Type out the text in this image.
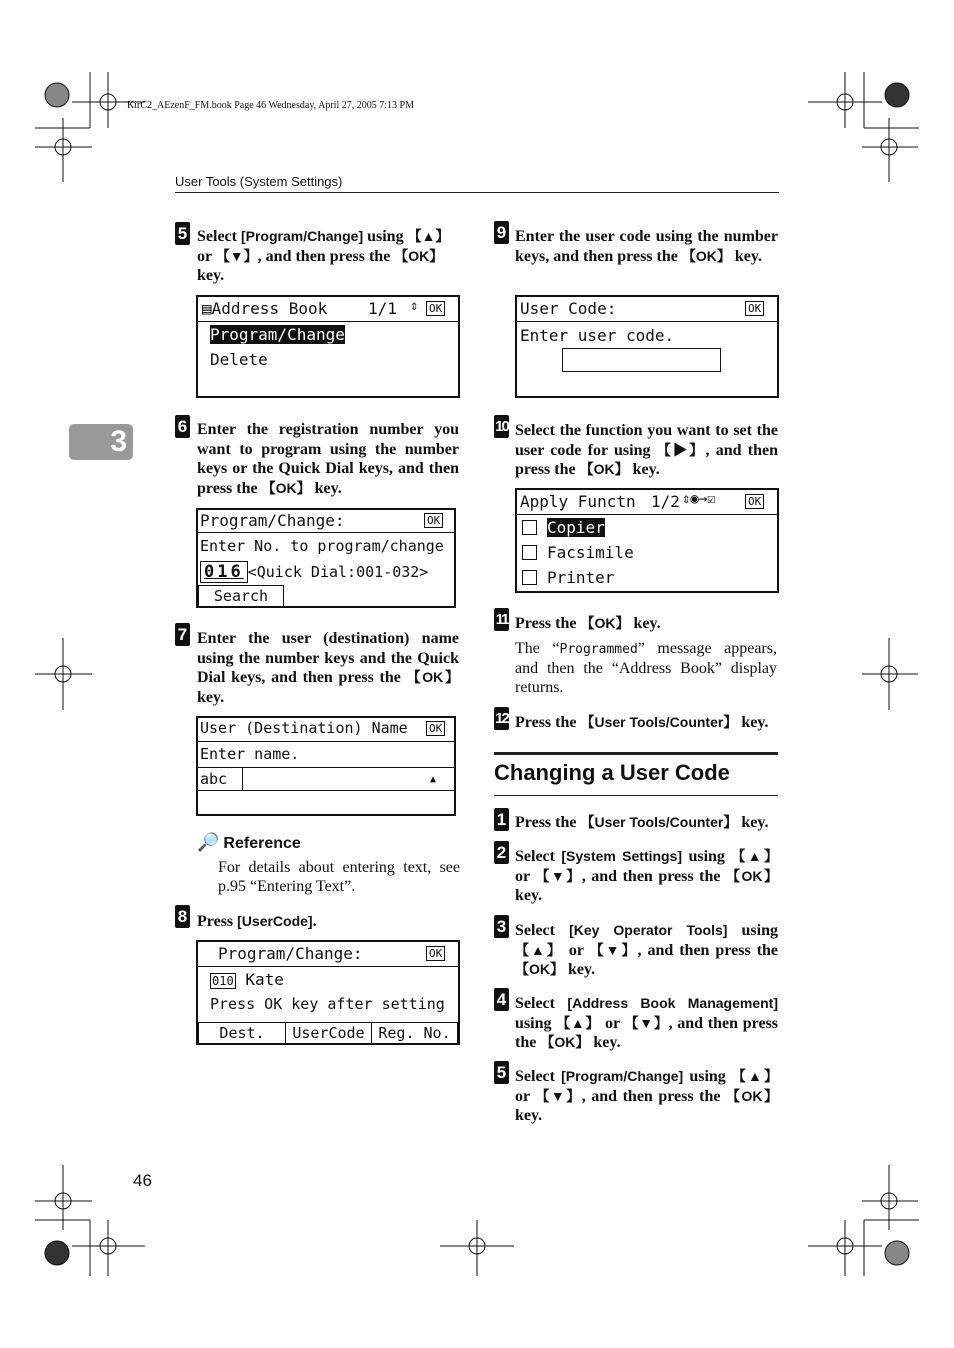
KirC2_AEzenF_FM.book Page 46 Wednesday, April 27, 2005 7:13 PM
User Tools (System Settings)
3
46
5 Select [Program/Change] using 【▲】
or 【▼】, and then press the 【OK】
key.
▤Address Book	1/1 ⇕ OK
Program/Change
Delete
6 Enter the registration number you want to program using the number keys or the Quick Dial keys, and then press the 【OK】 key.
Program/Change:	OK
Enter No. to program/change
016 <Quick Dial:001-032>
Search
7 Enter the user (destination) name using the number keys and the Quick Dial keys, and then press the 【OK】 key.
User (Destination) Name	OK
Enter name.
abc	▲
🔎 Reference
For details about entering text, see p.95 “Entering Text”.
8 Press [UserCode].
Program/Change:	OK
010 Kate
Press OK key after setting
Dest.	UserCode Reg. No.
9 Enter the user code using the number keys, and then press the 【OK】 key.
User Code:	OK
Enter user code.
10 Select the function you want to set the user code for using 【▶】, and then press the 【OK】 key.
Apply Functn 1/2 ⇕◉→☑	OK
Copier
Facsimile
Printer
11 Press the 【OK】 key.
The “Programmed” message appears, and then the “Address Book” display returns.
12 Press the 【User Tools/Counter】 key.
Changing a User Code
1 Press the 【User Tools/Counter】 key.
2 Select [System Settings] using 【▲】 or 【▼】, and then press the 【OK】 key.
3 Select [Key Operator Tools] using 【▲】 or 【▼】, and then press the 【OK】 key.
4 Select [Address Book Management] using 【▲】 or 【▼】, and then press the 【OK】 key.
5 Select [Program/Change] using 【▲】 or 【▼】, and then press the 【OK】 key.
